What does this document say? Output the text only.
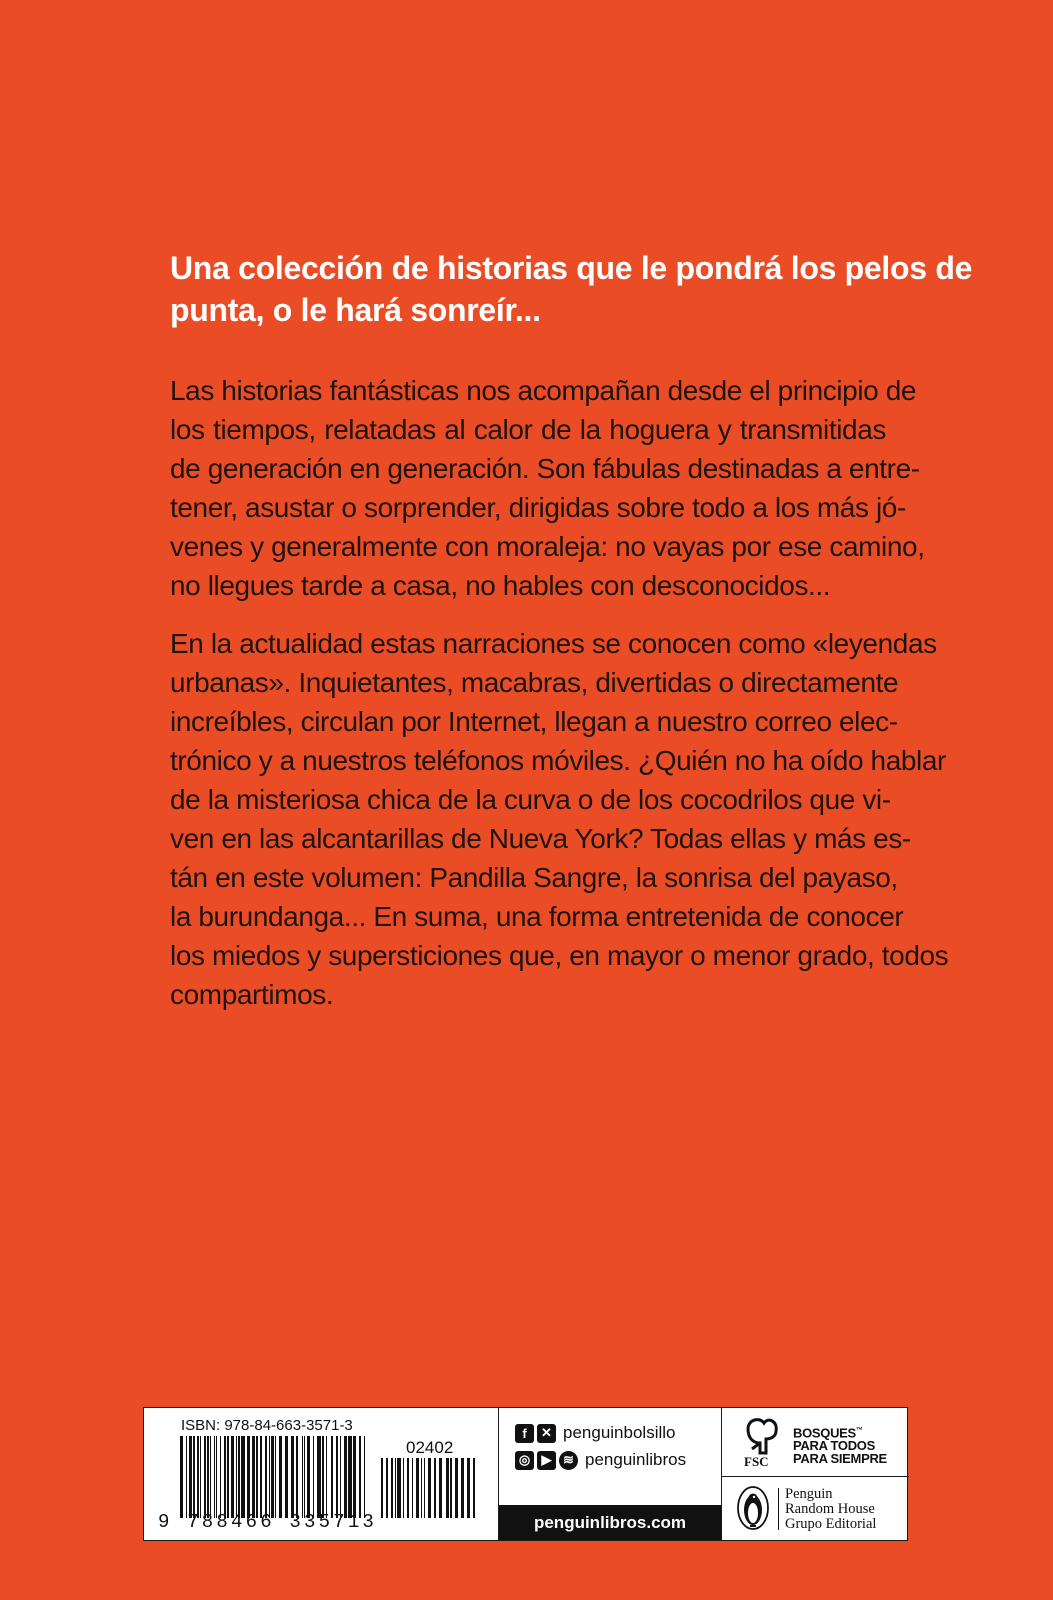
Una colección de historias que le pondrá los pelos de
punta, o le hará sonreír...

Las historias fantásticas nos acompañan desde el principio de
los tiempos, relatadas al calor de la hoguera y transmitidas
de generación en generación. Son fábulas destinadas a entre-
tener, asustar o sorprender, dirigidas sobre todo a los más jó-
venes y generalmente con moraleja: no vayas por ese camino,
no llegues tarde a casa, no hables con desconocidos...

En la actualidad estas narraciones se conocen como «leyendas
urbanas». Inquietantes, macabras, divertidas o directamente
increíbles, circulan por Internet, llegan a nuestro correo elec-
trónico y a nuestros teléfonos móviles. ¿Quién no ha oído hablar
de la misteriosa chica de la curva o de los cocodrilos que vi-
ven en las alcantarillas de Nueva York? Todas ellas y más es-
tán en este volumen: Pandilla Sangre, la sonrisa del payaso,
la burundanga... En suma, una forma entretenida de conocer
los miedos y supersticiones que, en mayor o menor grado, todos
compartimos.

ISBN: 978-84-663-3571-3
02402
9 788466 335713
f	✕ penguinbolsillo
◎ ▶ ≋ penguinlibros
penguinlibros.com
FSC
BOSQUES™
PARA TODOS
PARA SIEMPRE
Penguin
Random House
Grupo Editorial
